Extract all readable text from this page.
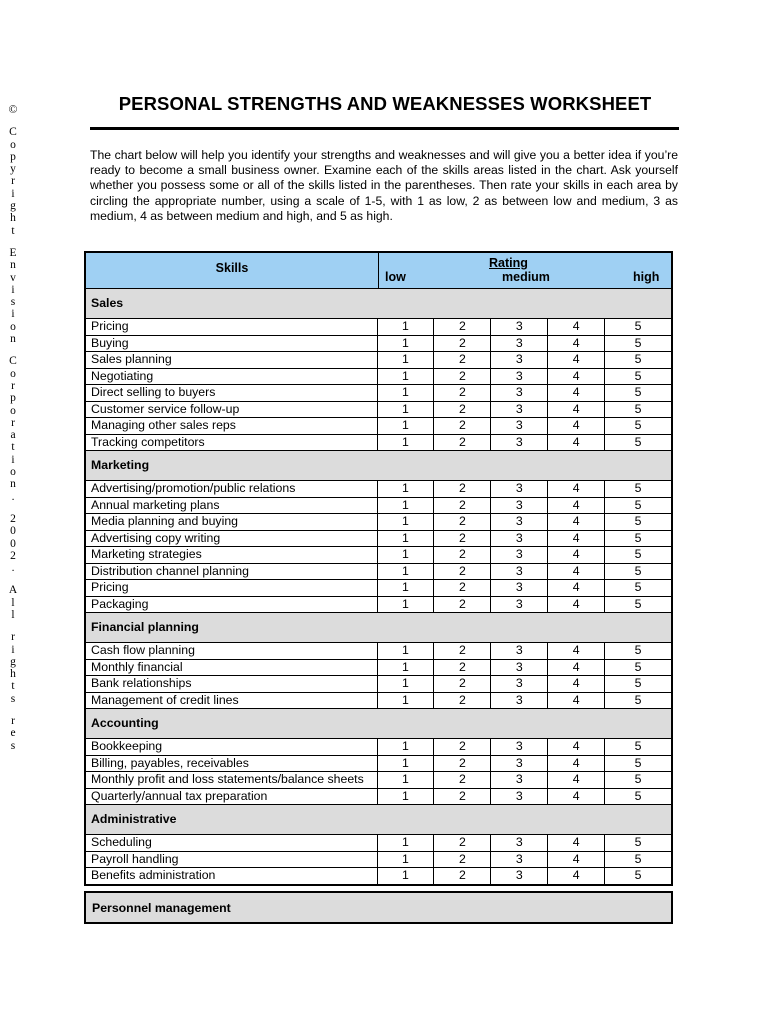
©

C
o
p
y
r
i
g
h
t

E
n
v
i
s
i
o
n

C
o
r
p
o
r
a
t
i
o
n
.

2
0
0
2
.

A
l
l

r
i
g
h
t
s

r
e
s
PERSONAL STRENGTHS AND WEAKNESSES WORKSHEET
The chart below will help you identify your strengths and weaknesses and will give you a better idea if you’re ready to become a small business owner. Examine each of the skills areas listed in the chart. Ask yourself whether you possess some or all of the skills listed in the parentheses. Then rate your skills in each area by circling the appropriate number, using a scale of 1-5, with 1 as low, 2 as between low and medium, 3 as medium, 4 as between medium and high, and 5 as high.
Skills	Rating
low	medium	high
Sales
Pricing	1	2	3	4	5
Buying	1	2	3	4	5
Sales planning	1	2	3	4	5
Negotiating	1	2	3	4	5
Direct selling to buyers	1	2	3	4	5
Customer service follow-up	1	2	3	4	5
Managing other sales reps	1	2	3	4	5
Tracking competitors	1	2	3	4	5
Marketing
Advertising/promotion/public relations	1	2	3	4	5
Annual marketing plans	1	2	3	4	5
Media planning and buying	1	2	3	4	5
Advertising copy writing	1	2	3	4	5
Marketing strategies	1	2	3	4	5
Distribution channel planning	1	2	3	4	5
Pricing	1	2	3	4	5
Packaging	1	2	3	4	5
Financial planning
Cash flow planning	1	2	3	4	5
Monthly financial	1	2	3	4	5
Bank relationships	1	2	3	4	5
Management of credit lines	1	2	3	4	5
Accounting
Bookkeeping	1	2	3	4	5
Billing, payables, receivables	1	2	3	4	5
Monthly profit and loss statements/balance sheets	1	2	3	4	5
Quarterly/annual tax preparation	1	2	3	4	5
Administrative
Scheduling	1	2	3	4	5
Payroll handling	1	2	3	4	5
Benefits administration	1	2	3	4	5
Personnel management
